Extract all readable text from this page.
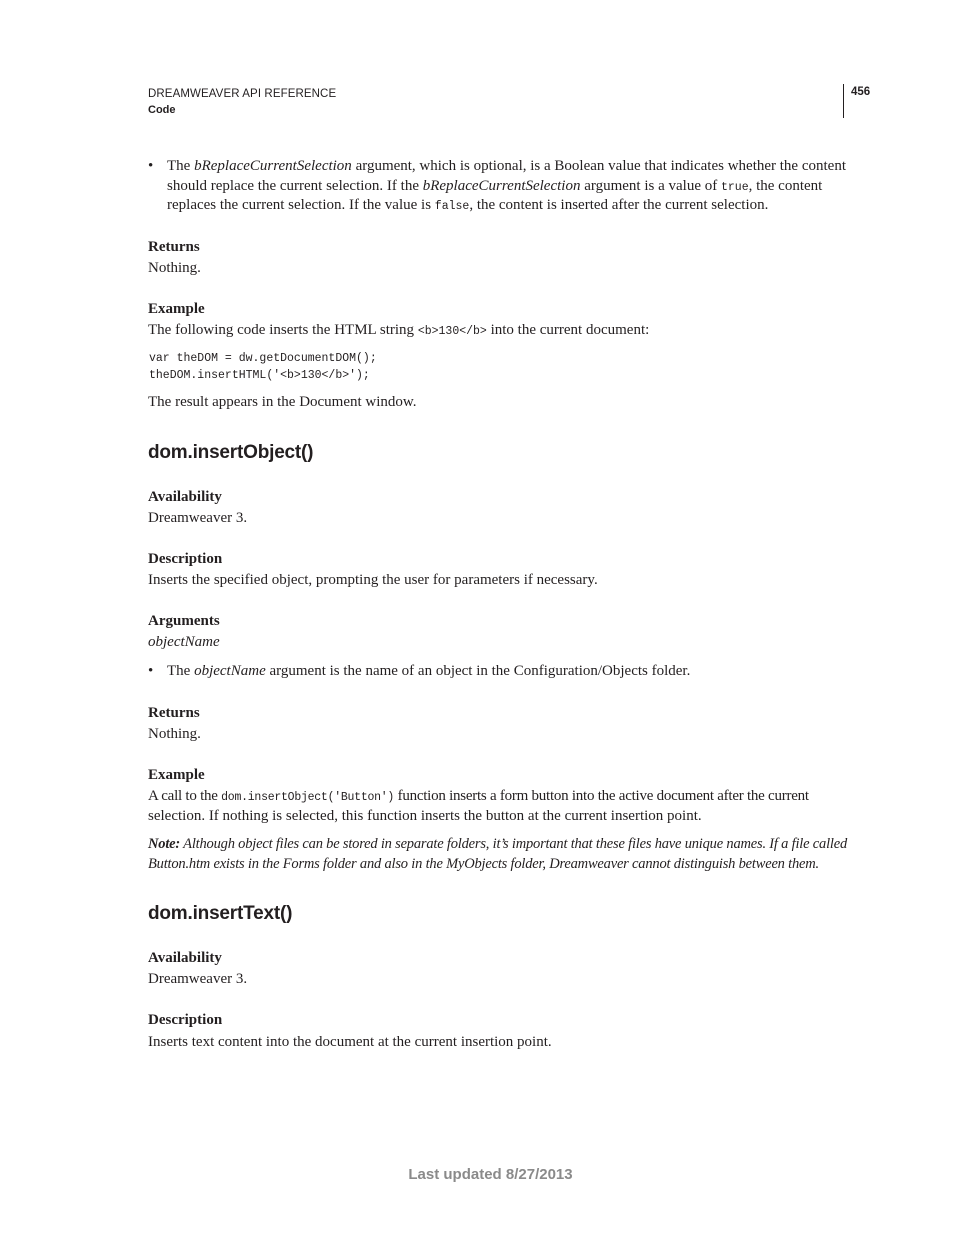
DREAMWEAVER API REFERENCE
Code
456
• The bReplaceCurrentSelection argument, which is optional, is a Boolean value that indicates whether the content
should replace the current selection. If the bReplaceCurrentSelection argument is a value of true, the content
replaces the current selection. If the value is false, the content is inserted after the current selection.
Returns
Nothing.
Example
The following code inserts the HTML string <b>130</b> into the current document:
var theDOM = dw.getDocumentDOM();
theDOM.insertHTML('<b>130</b>');
The result appears in the Document window.
dom.insertObject()
Availability
Dreamweaver 3.
Description
Inserts the specified object, prompting the user for parameters if necessary.
Arguments
objectName
• The objectName argument is the name of an object in the Configuration/Objects folder.
Returns
Nothing.
Example
A call to the dom.insertObject('Button') function inserts a form button into the active document after the current
selection. If nothing is selected, this function inserts the button at the current insertion point.
Note: Although object files can be stored in separate folders, it’s important that these files have unique names. If a file called
Button.htm exists in the Forms folder and also in the MyObjects folder, Dreamweaver cannot distinguish between them.
dom.insertText()
Availability
Dreamweaver 3.
Description
Inserts text content into the document at the current insertion point.
Last updated 8/27/2013
